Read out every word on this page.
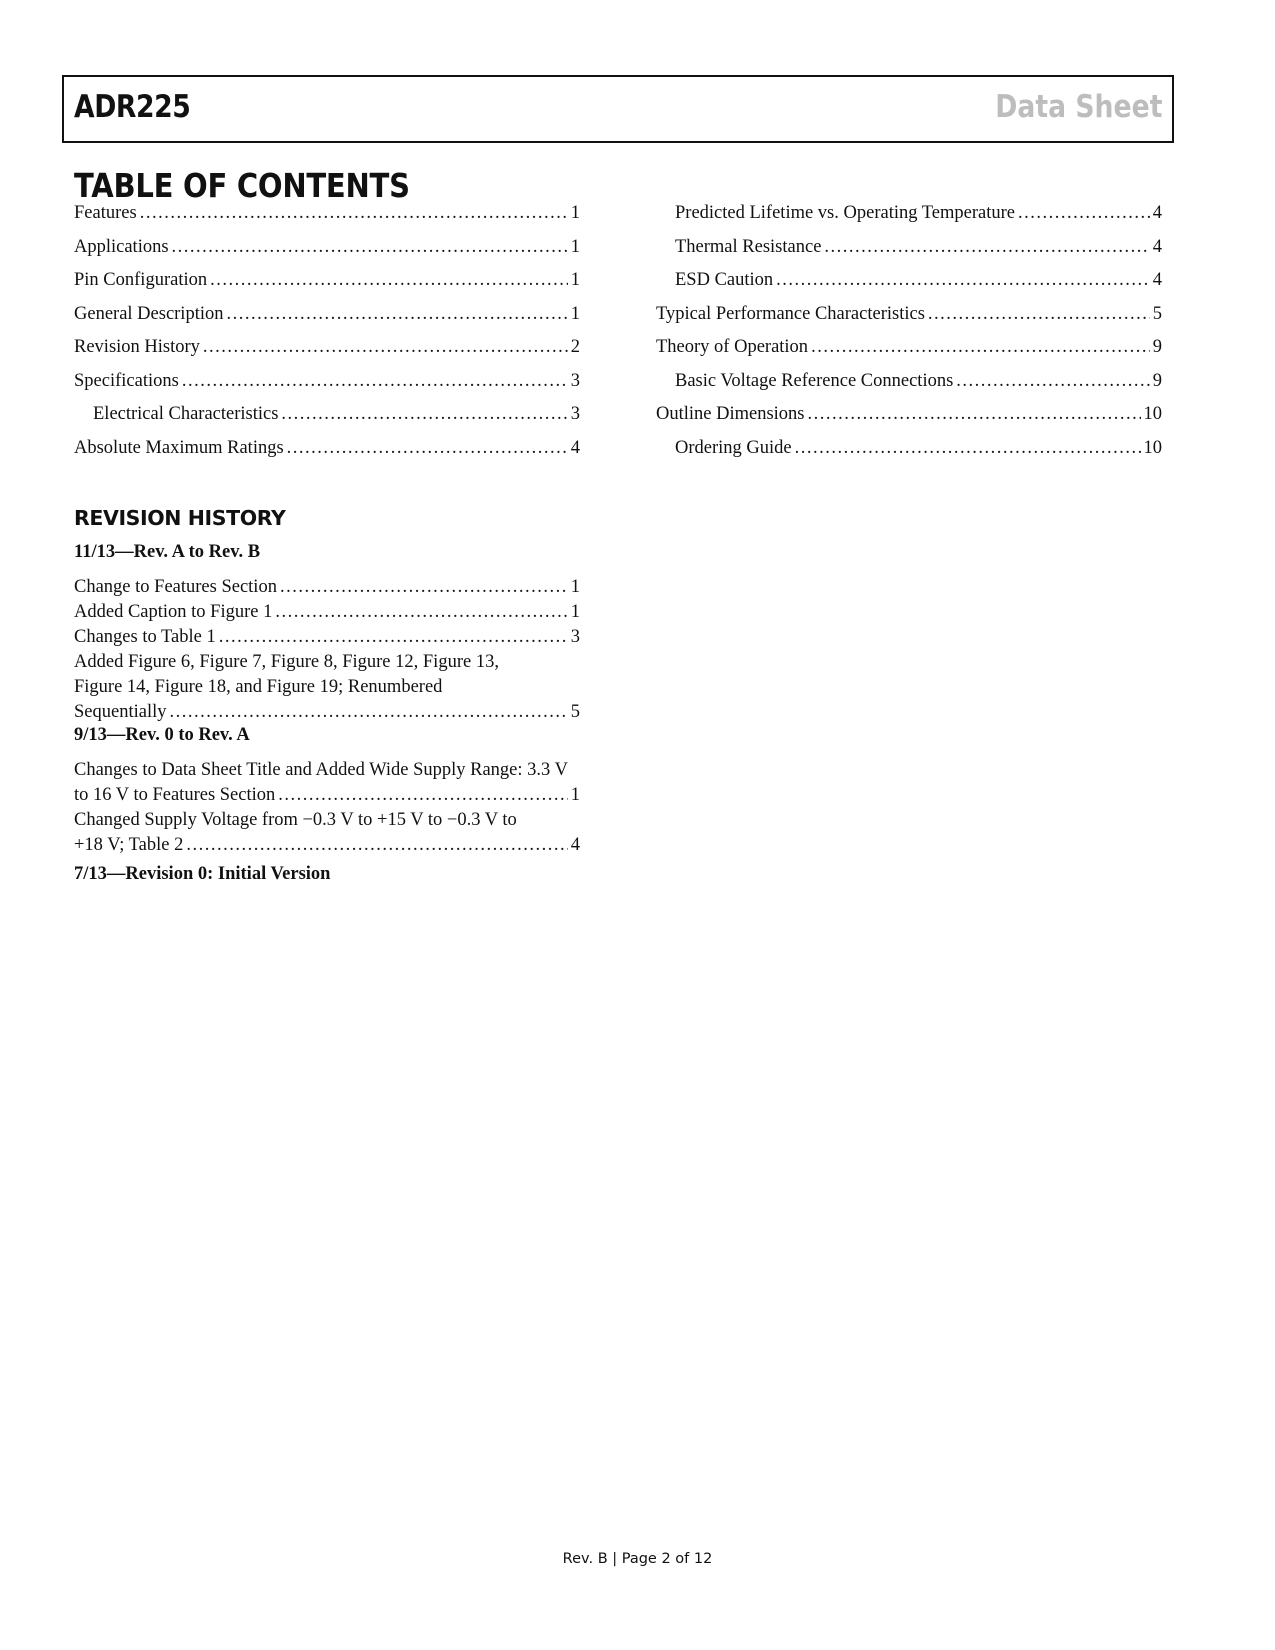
ADR225	Data Sheet
TABLE OF CONTENTS
Features .....	1
Applications .....	1
Pin Configuration .....	1
General Description .....	1
Revision History .....	2
Specifications .....	3
Electrical Characteristics .....	3
Absolute Maximum Ratings .....	4
Predicted Lifetime vs. Operating Temperature .....	4
Thermal Resistance .....	4
ESD Caution .....	4
Typical Performance Characteristics .....	5
Theory of Operation .....	9
Basic Voltage Reference Connections .....	9
Outline Dimensions .....	10
Ordering Guide .....	10
REVISION HISTORY
11/13—Rev. A to Rev. B
Change to Features Section .....	1
Added Caption to Figure 1 .....	1
Changes to Table 1 .....	3
Added Figure 6, Figure 7, Figure 8, Figure 12, Figure 13,
Figure 14, Figure 18, and Figure 19; Renumbered
Sequentially .....	5
9/13—Rev. 0 to Rev. A
Changes to Data Sheet Title and Added Wide Supply Range: 3.3 V
to 16 V to Features Section .....	1
Changed Supply Voltage from −0.3 V to +15 V to −0.3 V to
+18 V; Table 2 .....	4
7/13—Revision 0: Initial Version
Rev. B | Page 2 of 12
